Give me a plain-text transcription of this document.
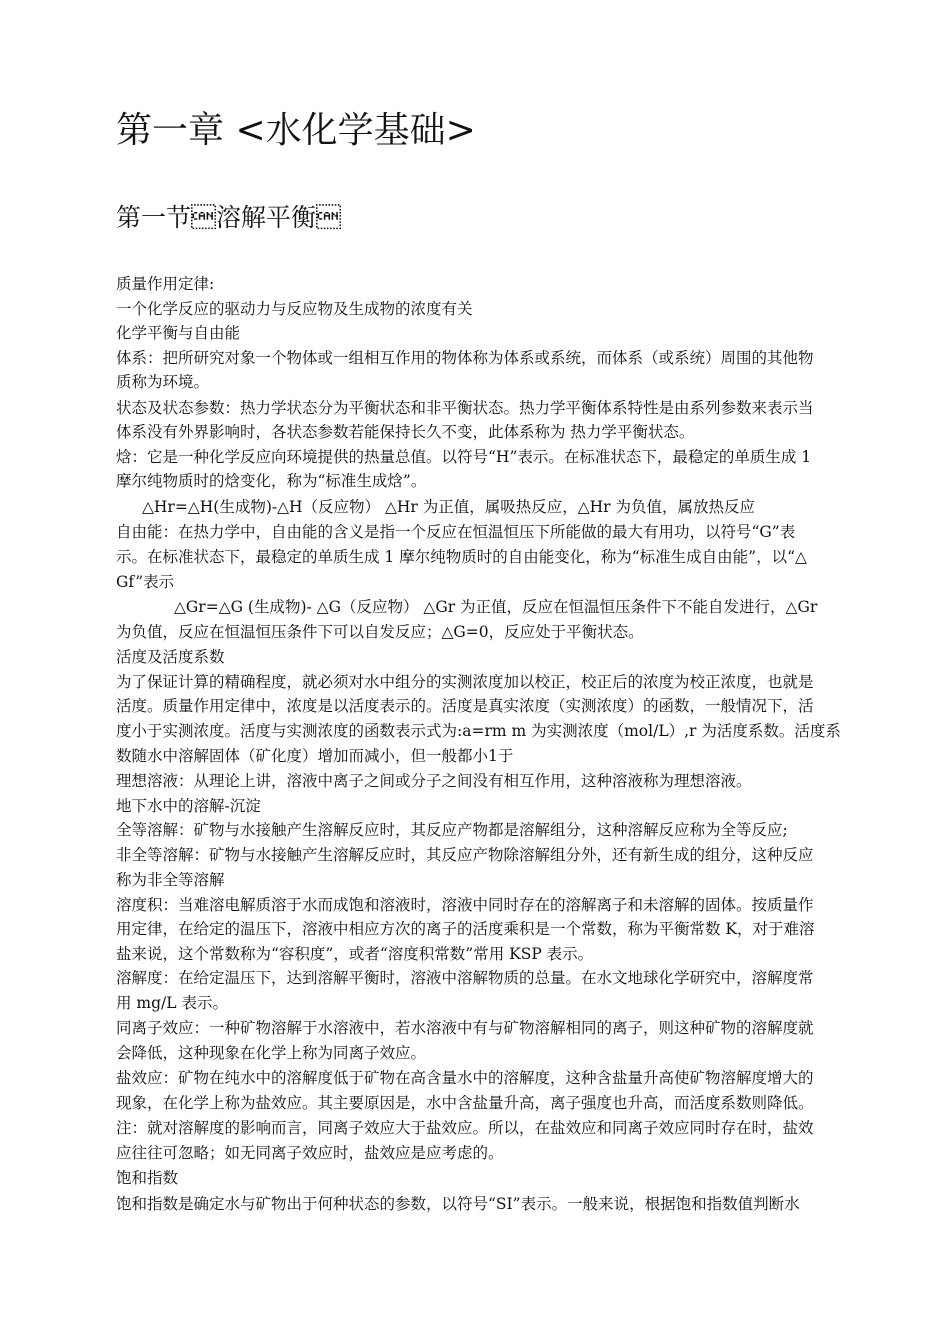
第一章 <水化学基础>
第一节溶解平衡
质量作用定律:
一个化学反应的驱动力与反应物及生成物的浓度有关
化学平衡与自由能
体系：把所研究对象一个物体或一组相互作用的物体称为体系或系统，而体系（或系统）周围的其他物
质称为环境。
状态及状态参数：热力学状态分为平衡状态和非平衡状态。热力学平衡体系特性是由系列参数来表示当
体系没有外界影响时，各状态参数若能保持长久不变，此体系称为 热力学平衡状态。
焓：它是一种化学反应向环境提供的热量总值。以符号“H”表示。在标准状态下，最稳定的单质生成 1
摩尔纯物质时的焓变化，称为“标准生成焓”。
△Hr=△H(生成物)-△H（反应物） △Hr 为正值，属吸热反应，△Hr 为负值，属放热反应
自由能：在热力学中，自由能的含义是指一个反应在恒温恒压下所能做的最大有用功，以符号“G”表
示。在标准状态下，最稳定的单质生成 1 摩尔纯物质时的自由能变化，称为“标准生成自由能”，以“△
Gf”表示
△Gr=△G (生成物)- △G（反应物） △Gr 为正值，反应在恒温恒压条件下不能自发进行，△Gr
为负值，反应在恒温恒压条件下可以自发反应；△G=0，反应处于平衡状态。
活度及活度系数
为了保证计算的精确程度，就必须对水中组分的实测浓度加以校正，校正后的浓度为校正浓度，也就是
活度。质量作用定律中，浓度是以活度表示的。活度是真实浓度（实测浓度）的函数，一般情况下，活
度小于实测浓度。活度与实测浓度的函数表示式为:a=rm m 为实测浓度（mol/L）,r 为活度系数。活度系
数随水中溶解固体（矿化度）增加而减小，但一般都小1于
理想溶液：从理论上讲，溶液中离子之间或分子之间没有相互作用，这种溶液称为理想溶液。
地下水中的溶解-沉淀
全等溶解：矿物与水接触产生溶解反应时，其反应产物都是溶解组分，这种溶解反应称为全等反应;
非全等溶解：矿物与水接触产生溶解反应时，其反应产物除溶解组分外，还有新生成的组分，这种反应
称为非全等溶解
溶度积：当难溶电解质溶于水而成饱和溶液时，溶液中同时存在的溶解离子和未溶解的固体。按质量作
用定律，在给定的温压下，溶液中相应方次的离子的活度乘积是一个常数，称为平衡常数 K，对于难溶
盐来说，这个常数称为“容积度”，或者“溶度积常数”常用 KSP 表示。
溶解度：在给定温压下，达到溶解平衡时，溶液中溶解物质的总量。在水文地球化学研究中，溶解度常
用 mg/L 表示。
同离子效应：一种矿物溶解于水溶液中，若水溶液中有与矿物溶解相同的离子，则这种矿物的溶解度就
会降低，这种现象在化学上称为同离子效应。
盐效应：矿物在纯水中的溶解度低于矿物在高含量水中的溶解度，这种含盐量升高使矿物溶解度增大的
现象，在化学上称为盐效应。其主要原因是，水中含盐量升高，离子强度也升高，而活度系数则降低。
注：就对溶解度的影响而言，同离子效应大于盐效应。所以，在盐效应和同离子效应同时存在时，盐效
应往往可忽略；如无同离子效应时，盐效应是应考虑的。
饱和指数
饱和指数是确定水与矿物出于何种状态的参数，以符号“SI”表示。一般来说，根据饱和指数值判断水
